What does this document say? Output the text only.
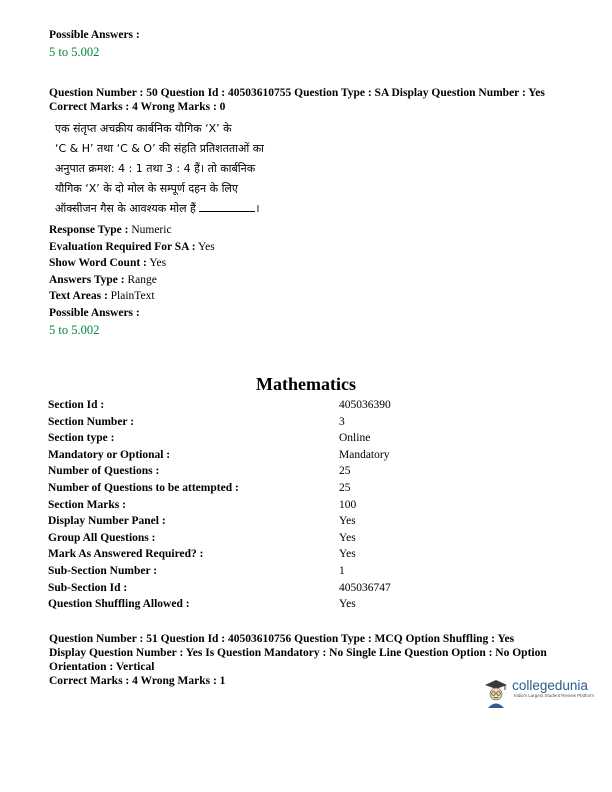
Possible Answers :
5 to 5.002
Question Number : 50 Question Id : 40503610755 Question Type : SA Display Question Number : Yes
Correct Marks : 4 Wrong Marks : 0
एक संतृप्त अचक्रीय कार्बनिक यौगिक ‘X’ के
‘C & H’ तथा ‘C & O’ की संहति प्रतिशतताओं का
अनुपात क्रमश: 4 : 1 तथा 3 : 4 हैं। तो कार्बनिक
यौगिक ‘X’ के दो मोल के सम्पूर्ण दहन के लिए
ऑक्सीजन गैस के आवश्यक मोल हैं	।
Response Type : Numeric
Evaluation Required For SA : Yes
Show Word Count : Yes
Answers Type : Range
Text Areas : PlainText
Possible Answers :
5 to 5.002
Mathematics
Section Id :	405036390
Section Number :	3
Section type :	Online
Mandatory or Optional :	Mandatory
Number of Questions :	25
Number of Questions to be attempted :	25
Section Marks :	100
Display Number Panel :	Yes
Group All Questions :	Yes
Mark As Answered Required? :	Yes
Sub-Section Number :	1
Sub-Section Id :	405036747
Question Shuffling Allowed :	Yes
Question Number : 51 Question Id : 40503610756 Question Type : MCQ Option Shuffling : Yes
Display Question Number : Yes Is Question Mandatory : No Single Line Question Option : No Option
Orientation : Vertical
Correct Marks : 4 Wrong Marks : 1	collegedunia
India's Largest Student Review Platform
